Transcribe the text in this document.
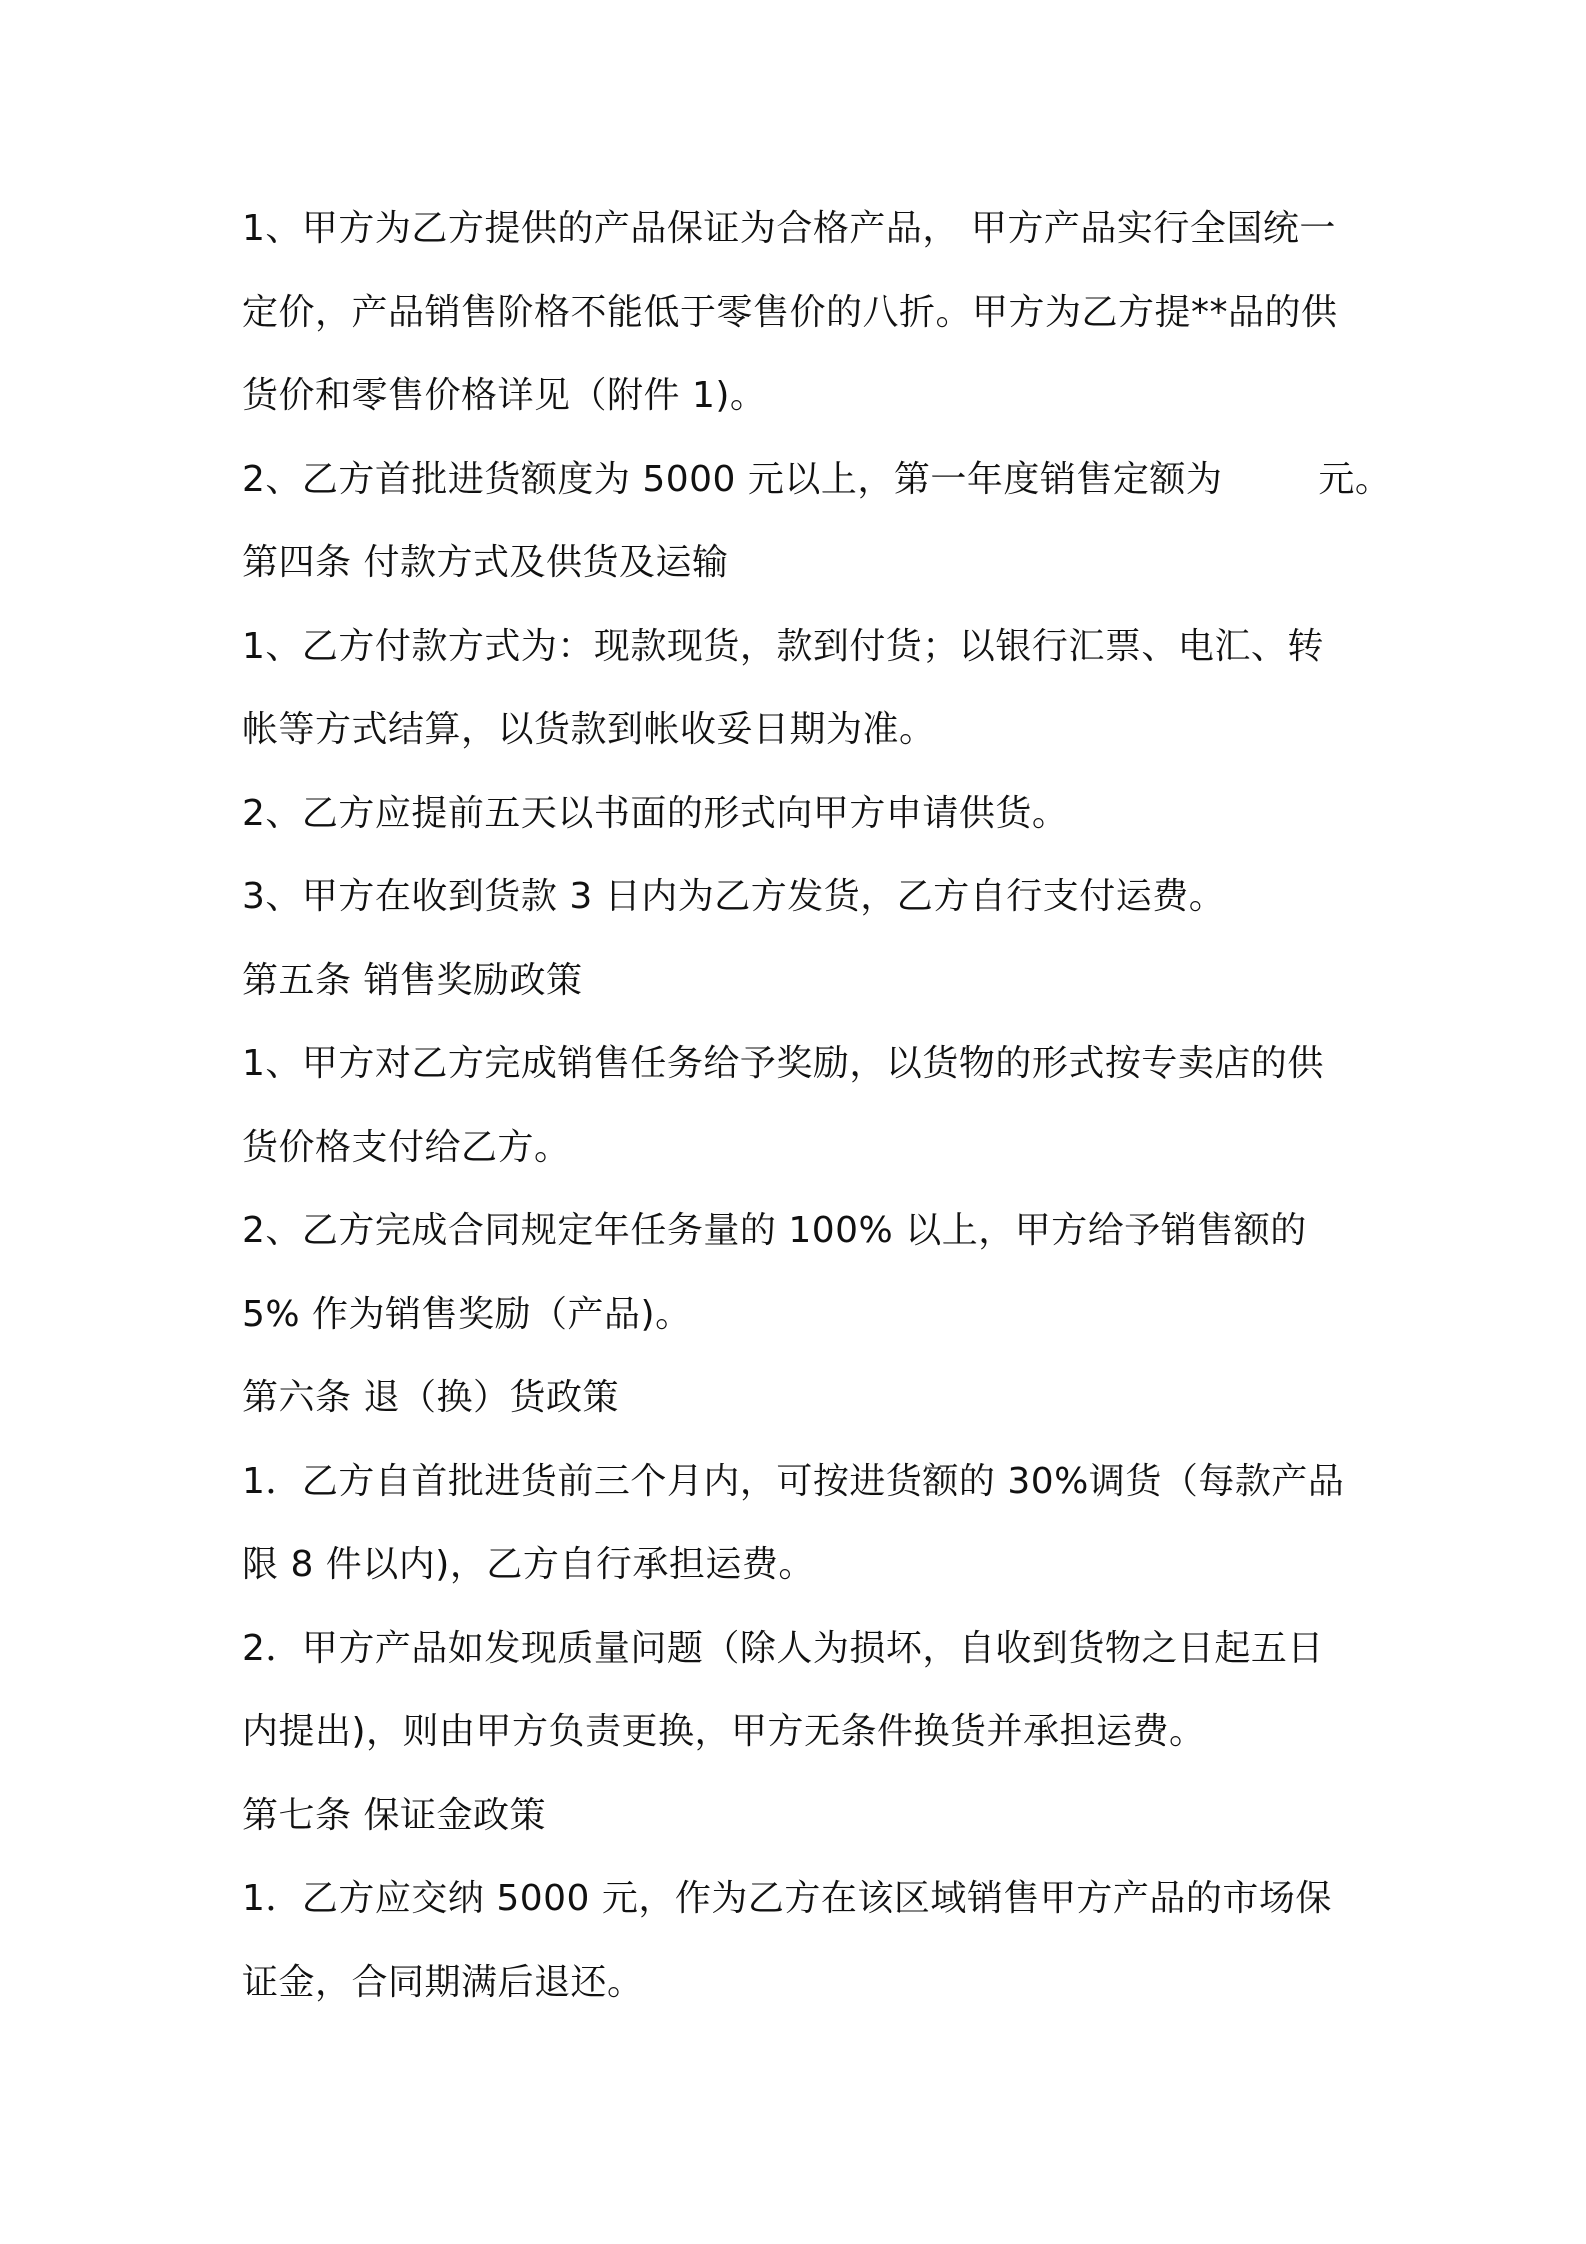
1、甲方为乙方提供的产品保证为合格产品， 甲方产品实行全国统一
定价，产品销售阶格不能低于零售价的八折。甲方为乙方提**品的供
货价和零售价格详见（附件 1)。
2、乙方首批进货额度为 5000 元以上，第一年度销售定额为	元。
第四条 付款方式及供货及运输
1、乙方付款方式为：现款现货，款到付货；以银行汇票、电汇、转
帐等方式结算，以货款到帐收妥日期为准。
2、乙方应提前五天以书面的形式向甲方申请供货。
3、甲方在收到货款 3 日内为乙方发货，乙方自行支付运费。
第五条 销售奖励政策
1、甲方对乙方完成销售任务给予奖励，以货物的形式按专卖店的供
货价格支付给乙方。
2、乙方完成合同规定年任务量的 100% 以上，甲方给予销售额的
5% 作为销售奖励（产品)。
第六条 退（换）货政策
1．乙方自首批进货前三个月内，可按进货额的 30%调货（每款产品
限 8 件以内)，乙方自行承担运费。
2．甲方产品如发现质量问题（除人为损坏，自收到货物之日起五日
内提出)，则由甲方负责更换，甲方无条件换货并承担运费。
第七条 保证金政策
1．乙方应交纳 5000 元，作为乙方在该区域销售甲方产品的市场保
证金，合同期满后退还。
